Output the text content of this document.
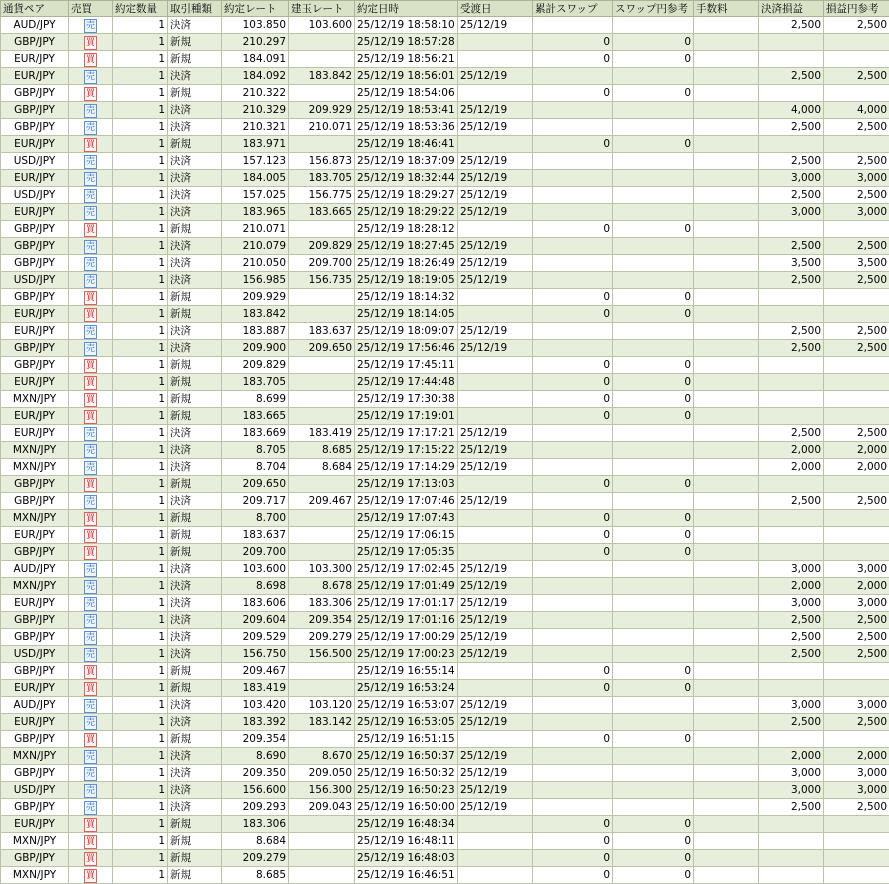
通貨ペア	売買	約定数量	取引種類	約定レート	建玉レート	約定日時	受渡日	累計スワップ	スワップ円参考	手数料	決済損益	損益円参考
AUD/JPY	売	1	決済	103.850	103.600	25/12/19 18:58:10	25/12/19				2,500	2,500
GBP/JPY	買	1	新規	210.297		25/12/19 18:57:28		0	0			
EUR/JPY	買	1	新規	184.091		25/12/19 18:56:21		0	0			
EUR/JPY	売	1	決済	184.092	183.842	25/12/19 18:56:01	25/12/19				2,500	2,500
GBP/JPY	買	1	新規	210.322		25/12/19 18:54:06		0	0			
GBP/JPY	売	1	決済	210.329	209.929	25/12/19 18:53:41	25/12/19				4,000	4,000
GBP/JPY	売	1	決済	210.321	210.071	25/12/19 18:53:36	25/12/19				2,500	2,500
EUR/JPY	買	1	新規	183.971		25/12/19 18:46:41		0	0			
USD/JPY	売	1	決済	157.123	156.873	25/12/19 18:37:09	25/12/19				2,500	2,500
EUR/JPY	売	1	決済	184.005	183.705	25/12/19 18:32:44	25/12/19				3,000	3,000
USD/JPY	売	1	決済	157.025	156.775	25/12/19 18:29:27	25/12/19				2,500	2,500
EUR/JPY	売	1	決済	183.965	183.665	25/12/19 18:29:22	25/12/19				3,000	3,000
GBP/JPY	買	1	新規	210.071		25/12/19 18:28:12		0	0			
GBP/JPY	売	1	決済	210.079	209.829	25/12/19 18:27:45	25/12/19				2,500	2,500
GBP/JPY	売	1	決済	210.050	209.700	25/12/19 18:26:49	25/12/19				3,500	3,500
USD/JPY	売	1	決済	156.985	156.735	25/12/19 18:19:05	25/12/19				2,500	2,500
GBP/JPY	買	1	新規	209.929		25/12/19 18:14:32		0	0			
EUR/JPY	買	1	新規	183.842		25/12/19 18:14:05		0	0			
EUR/JPY	売	1	決済	183.887	183.637	25/12/19 18:09:07	25/12/19				2,500	2,500
GBP/JPY	売	1	決済	209.900	209.650	25/12/19 17:56:46	25/12/19				2,500	2,500
GBP/JPY	買	1	新規	209.829		25/12/19 17:45:11		0	0			
EUR/JPY	買	1	新規	183.705		25/12/19 17:44:48		0	0			
MXN/JPY	買	1	新規	8.699		25/12/19 17:30:38		0	0			
EUR/JPY	買	1	新規	183.665		25/12/19 17:19:01		0	0			
EUR/JPY	売	1	決済	183.669	183.419	25/12/19 17:17:21	25/12/19				2,500	2,500
MXN/JPY	売	1	決済	8.705	8.685	25/12/19 17:15:22	25/12/19				2,000	2,000
MXN/JPY	売	1	決済	8.704	8.684	25/12/19 17:14:29	25/12/19				2,000	2,000
GBP/JPY	買	1	新規	209.650		25/12/19 17:13:03		0	0			
GBP/JPY	売	1	決済	209.717	209.467	25/12/19 17:07:46	25/12/19				2,500	2,500
MXN/JPY	買	1	新規	8.700		25/12/19 17:07:43		0	0			
EUR/JPY	買	1	新規	183.637		25/12/19 17:06:15		0	0			
GBP/JPY	買	1	新規	209.700		25/12/19 17:05:35		0	0			
AUD/JPY	売	1	決済	103.600	103.300	25/12/19 17:02:45	25/12/19				3,000	3,000
MXN/JPY	売	1	決済	8.698	8.678	25/12/19 17:01:49	25/12/19				2,000	2,000
EUR/JPY	売	1	決済	183.606	183.306	25/12/19 17:01:17	25/12/19				3,000	3,000
GBP/JPY	売	1	決済	209.604	209.354	25/12/19 17:01:16	25/12/19				2,500	2,500
GBP/JPY	売	1	決済	209.529	209.279	25/12/19 17:00:29	25/12/19				2,500	2,500
USD/JPY	売	1	決済	156.750	156.500	25/12/19 17:00:23	25/12/19				2,500	2,500
GBP/JPY	買	1	新規	209.467		25/12/19 16:55:14		0	0			
EUR/JPY	買	1	新規	183.419		25/12/19 16:53:24		0	0			
AUD/JPY	売	1	決済	103.420	103.120	25/12/19 16:53:07	25/12/19				3,000	3,000
EUR/JPY	売	1	決済	183.392	183.142	25/12/19 16:53:05	25/12/19				2,500	2,500
GBP/JPY	買	1	新規	209.354		25/12/19 16:51:15		0	0			
MXN/JPY	売	1	決済	8.690	8.670	25/12/19 16:50:37	25/12/19				2,000	2,000
GBP/JPY	売	1	決済	209.350	209.050	25/12/19 16:50:32	25/12/19				3,000	3,000
USD/JPY	売	1	決済	156.600	156.300	25/12/19 16:50:23	25/12/19				3,000	3,000
GBP/JPY	売	1	決済	209.293	209.043	25/12/19 16:50:00	25/12/19				2,500	2,500
EUR/JPY	買	1	新規	183.306		25/12/19 16:48:34		0	0			
MXN/JPY	買	1	新規	8.684		25/12/19 16:48:11		0	0			
GBP/JPY	買	1	新規	209.279		25/12/19 16:48:03		0	0			
MXN/JPY	買	1	新規	8.685		25/12/19 16:46:51		0	0			
